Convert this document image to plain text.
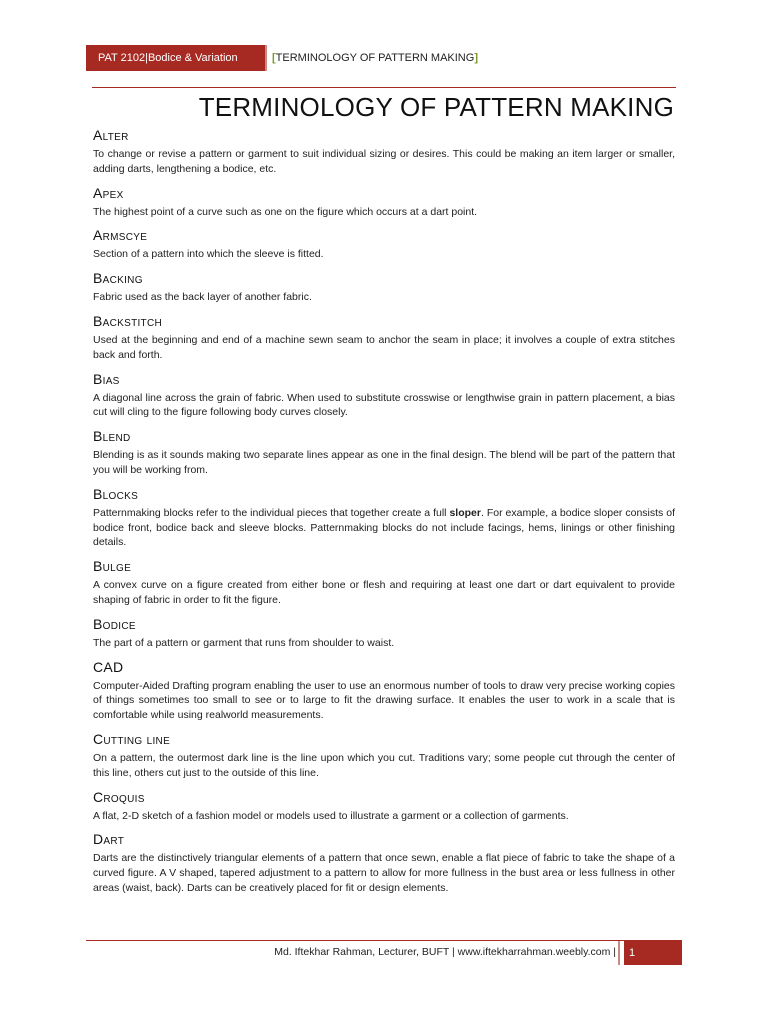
PAT 2102|Bodice & Variation	[TERMINOLOGY OF PATTERN MAKING]
TERMINOLOGY OF PATTERN MAKING
Alter
To change or revise a pattern or garment to suit individual sizing or desires. This could be making an item larger or smaller, adding darts, lengthening a bodice, etc.
Apex
The highest point of a curve such as one on the figure which occurs at a dart point.
Armscye
Section of a pattern into which the sleeve is fitted.
Backing
Fabric used as the back layer of another fabric.
Backstitch
Used at the beginning and end of a machine sewn seam to anchor the seam in place; it involves a couple of extra stitches back and forth.
Bias
A diagonal line across the grain of fabric. When used to substitute crosswise or lengthwise grain in pattern placement, a bias cut will cling to the figure following body curves closely.
Blend
Blending is as it sounds making two separate lines appear as one in the final design. The blend will be part of the pattern that you will be working from.
Blocks
Patternmaking blocks refer to the individual pieces that together create a full sloper. For example, a bodice sloper consists of bodice front, bodice back and sleeve blocks. Patternmaking blocks do not include facings, hems, linings or other finishing details.
Bulge
A convex curve on a figure created from either bone or flesh and requiring at least one dart or dart equivalent to provide shaping of fabric in order to fit the figure.
Bodice
The part of a pattern or garment that runs from shoulder to waist.
CAD
Computer-Aided Drafting program enabling the user to use an enormous number of tools to draw very precise working copies of things sometimes too small to see or to large to fit the drawing surface. It enables the user to work in a scale that is comfortable while using realworld measurements.
Cutting line
On a pattern, the outermost dark line is the line upon which you cut. Traditions vary; some people cut through the center of this line, others cut just to the outside of this line.
Croquis
A flat, 2-D sketch of a fashion model or models used to illustrate a garment or a collection of garments.
Dart
Darts are the distinctively triangular elements of a pattern that once sewn, enable a flat piece of fabric to take the shape of a curved figure. A V shaped, tapered adjustment to a pattern to allow for more fullness in the bust area or less fullness in other areas (waist, back). Darts can be creatively placed for fit or design elements.
Md. Iftekhar Rahman, Lecturer, BUFT | www.iftekharrahman.weebly.com |	1
